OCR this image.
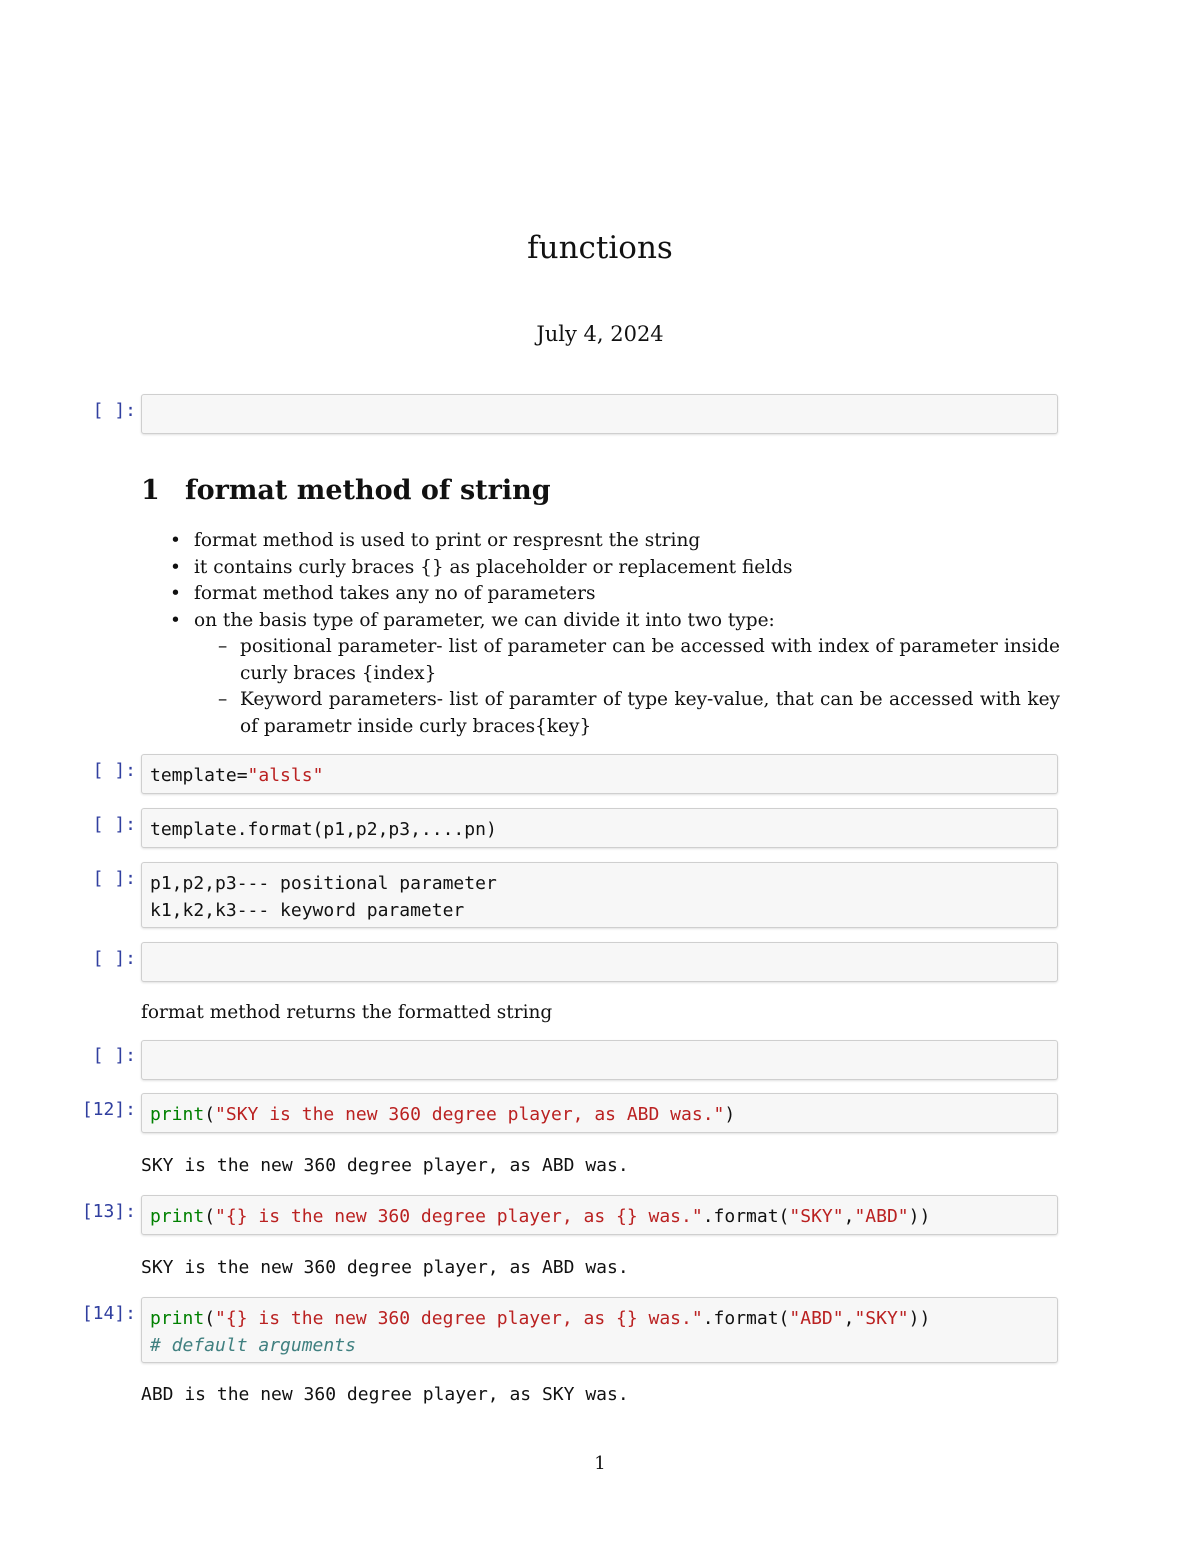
functions
July 4, 2024
[ ]:
1 format method of string
• format method is used to print or respresnt the string
• it contains curly braces {} as placeholder or replacement fields
• format method takes any no of parameters
• on the basis type of parameter, we can divide it into two type:
– positional parameter- list of parameter can be accessed with index of parameter inside curly braces {index}
– Keyword parameters- list of paramter of type key-value, that can be accessed with key of parametr inside curly braces{key}
[ ]: template="alsls"
[ ]: template.format(p1,p2,p3,....pn)
[ ]: p1,p2,p3--- positional parameter
k1,k2,k3--- keyword parameter
[ ]:
format method returns the formatted string
[ ]:
[12]: print("SKY is the new 360 degree player, as ABD was.")
SKY is the new 360 degree player, as ABD was.
[13]: print("{} is the new 360 degree player, as {} was.".format("SKY","ABD"))
SKY is the new 360 degree player, as ABD was.
[14]: print("{} is the new 360 degree player, as {} was.".format("ABD","SKY"))
# default arguments
ABD is the new 360 degree player, as SKY was.
1
